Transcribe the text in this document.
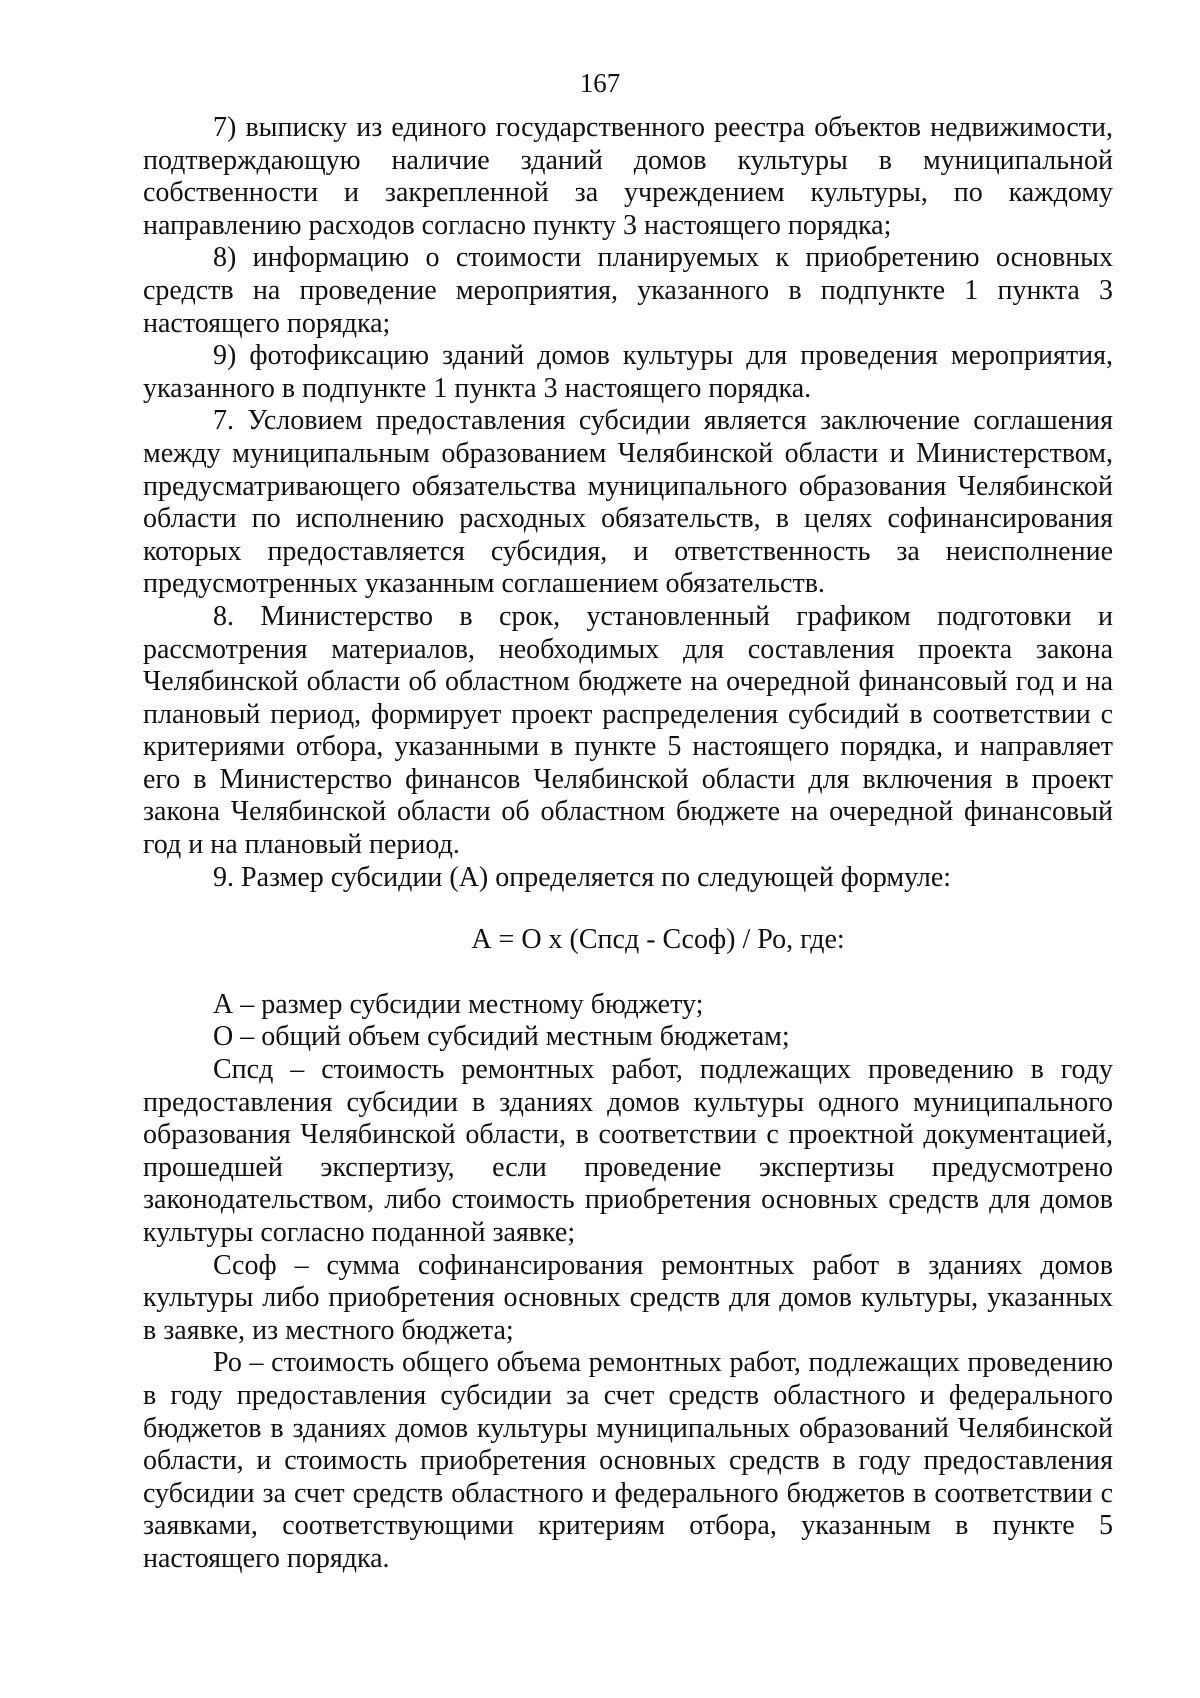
167

7) выписку из единого государственного реестра объектов недвижимости, подтверждающую наличие зданий домов культуры в муниципальной собственности и закрепленной за учреждением культуры, по каждому направлению расходов согласно пункту 3 настоящего порядка;

8) информацию о стоимости планируемых к приобретению основных средств на проведение мероприятия, указанного в подпункте 1 пункта 3 настоящего порядка;

9) фотофиксацию зданий домов культуры для проведения мероприятия, указанного в подпункте 1 пункта 3 настоящего порядка.

7. Условием предоставления субсидии является заключение соглашения между муниципальным образованием Челябинской области и Министерством, предусматривающего обязательства муниципального образования Челябинской области по исполнению расходных обязательств, в целях софинансирования которых предоставляется субсидия, и ответственность за неисполнение предусмотренных указанным соглашением обязательств.

8. Министерство в срок, установленный графиком подготовки и рассмотрения материалов, необходимых для составления проекта закона Челябинской области об областном бюджете на очередной финансовый год и на плановый период, формирует проект распределения субсидий в соответствии с критериями отбора, указанными в пункте 5 настоящего порядка, и направляет его в Министерство финансов Челябинской области для включения в проект закона Челябинской области об областном бюджете на очередной финансовый год и на плановый период.

9. Размер субсидии (А) определяется по следующей формуле:

А = О x (Спсд - Ссоф) / Ро, где:

А – размер субсидии местному бюджету;

О – общий объем субсидий местным бюджетам;

Спсд – стоимость ремонтных работ, подлежащих проведению в году предоставления субсидии в зданиях домов культуры одного муниципального образования Челябинской области, в соответствии с проектной документацией, прошедшей экспертизу, если проведение экспертизы предусмотрено законодательством, либо стоимость приобретения основных средств для домов культуры согласно поданной заявке;

Ссоф – сумма софинансирования ремонтных работ в зданиях домов культуры либо приобретения основных средств для домов культуры, указанных в заявке, из местного бюджета;

Ро – стоимость общего объема ремонтных работ, подлежащих проведению в году предоставления субсидии за счет средств областного и федерального бюджетов в зданиях домов культуры муниципальных образований Челябинской области, и стоимость приобретения основных средств в году предоставления субсидии за счет средств областного и федерального бюджетов в соответствии с заявками, соответствующими критериям отбора, указанным в пункте 5 настоящего порядка.
